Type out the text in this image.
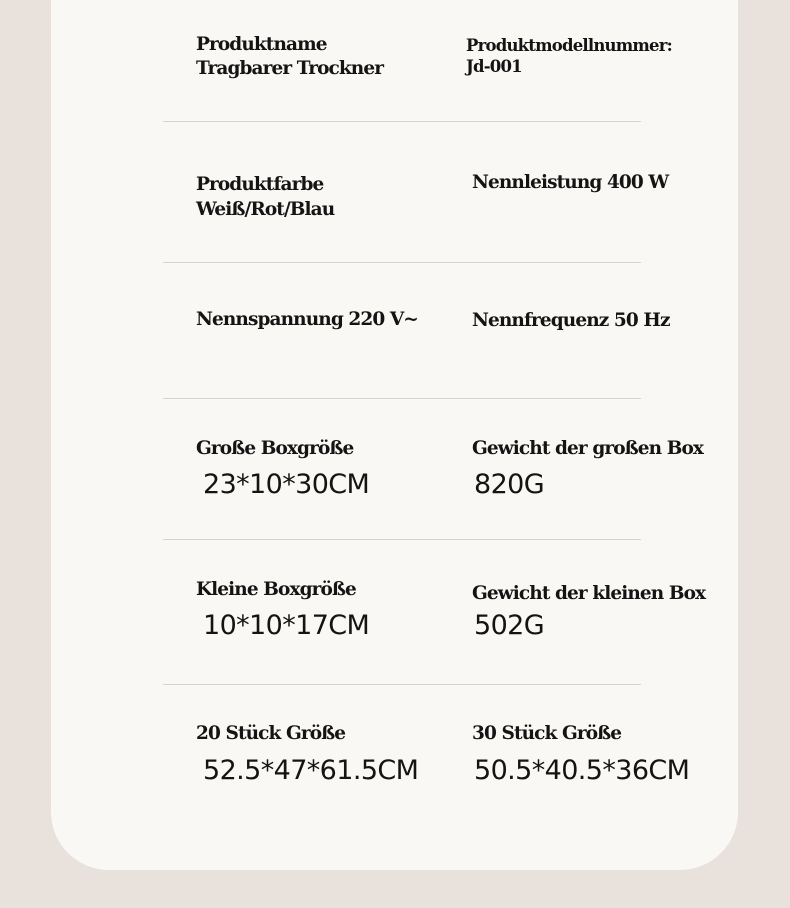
Produktname
Tragbarer Trockner
Produktmodellnummer:
Jd-001
Produktfarbe
Weiß/Rot/Blau
Nennleistung 400 W
Nennspannung 220 V~	Nennfrequenz 50 Hz
Große Boxgröße
23*10*30CM
Gewicht der großen Box
820G
Kleine Boxgröße
10*10*17CM
Gewicht der kleinen Box
502G
20 Stück Größe
52.5*47*61.5CM
30 Stück Größe
50.5*40.5*36CM
